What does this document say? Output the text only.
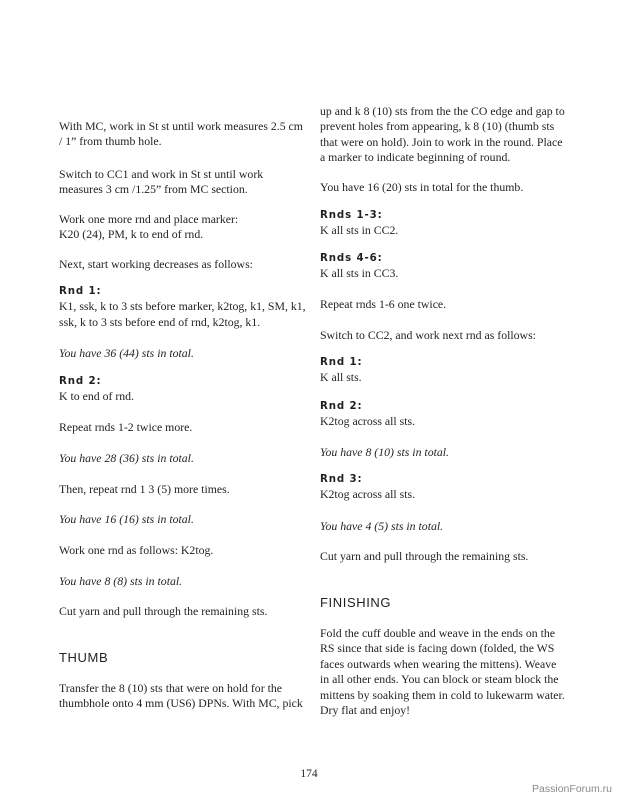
With MC, work in St st until work measures 2.5 cm
/ 1” from thumb hole.

Switch to CC1 and work in St st until work
measures 3 cm /1.25” from MC section.

Work one more rnd and place marker:
K20 (24), PM, k to end of rnd.

Next, start working decreases as follows:

Rnd 1:
K1, ssk, k to 3 sts before marker, k2tog, k1, SM, k1,
ssk, k to 3 sts before end of rnd, k2tog, k1.

You have 36 (44) sts in total.

Rnd 2:
K to end of rnd.

Repeat rnds 1-2 twice more.

You have 28 (36) sts in total.

Then, repeat rnd 1 3 (5) more times.

You have 16 (16) sts in total.

Work one rnd as follows: K2tog.

You have 8 (8) sts in total.

Cut yarn and pull through the remaining sts.

THUMB

Transfer the 8 (10) sts that were on hold for the
thumbhole onto 4 mm (US6) DPNs. With MC, pick

up and k 8 (10) sts from the the CO edge and gap to
prevent holes from appearing, k 8 (10) (thumb sts
that were on hold). Join to work in the round. Place
a marker to indicate beginning of round.

You have 16 (20) sts in total for the thumb.

Rnds 1-3:
K all sts in CC2.

Rnds 4-6:
K all sts in CC3.

Repeat rnds 1-6 one twice.

Switch to CC2, and work next rnd as follows:

Rnd 1:
K all sts.

Rnd 2:
K2tog across all sts.

You have 8 (10) sts in total.

Rnd 3:
K2tog across all sts.

You have 4 (5) sts in total.

Cut yarn and pull through the remaining sts.

FINISHING

Fold the cuff double and weave in the ends on the
RS since that side is facing down (folded, the WS
faces outwards when wearing the mittens). Weave
in all other ends. You can block or steam block the
mittens by soaking them in cold to lukewarm water.
Dry flat and enjoy!

174
PassionForum.ru
